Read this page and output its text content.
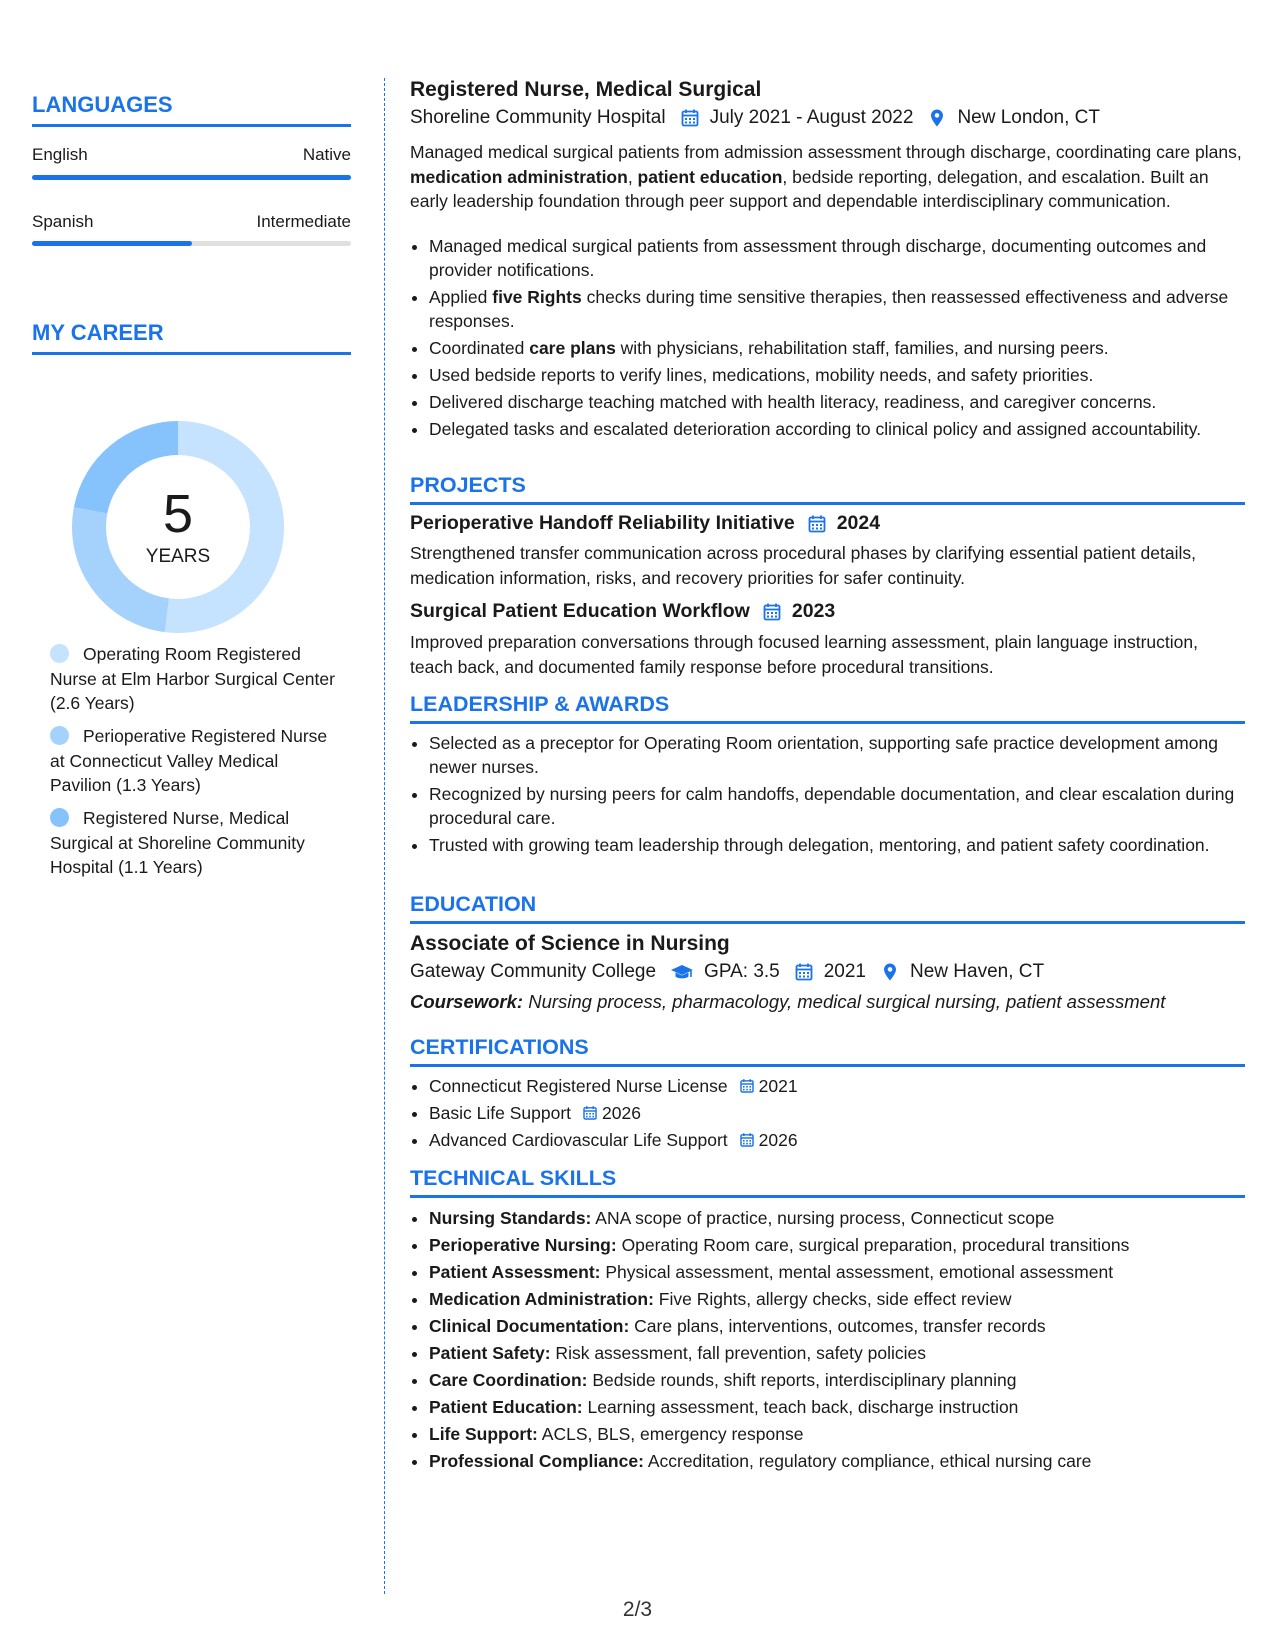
LANGUAGES
English	Native
Spanish	Intermediate
MY CAREER
5
YEARS
Operating Room Registered Nurse at Elm Harbor Surgical Center (2.6 Years)
Perioperative Registered Nurse at Connecticut Valley Medical Pavilion (1.3 Years)
Registered Nurse, Medical Surgical at Shoreline Community Hospital (1.1 Years)
Registered Nurse, Medical Surgical
Shoreline Community Hospital July 2021 - August 2022 New London, CT
Managed medical surgical patients from admission assessment through discharge, coordinating care plans, medication administration, patient education, bedside reporting, delegation, and escalation. Built an early leadership foundation through peer support and dependable interdisciplinary communication.
• Managed medical surgical patients from assessment through discharge, documenting outcomes and provider notifications.
• Applied five Rights checks during time sensitive therapies, then reassessed effectiveness and adverse responses.
• Coordinated care plans with physicians, rehabilitation staff, families, and nursing peers.
• Used bedside reports to verify lines, medications, mobility needs, and safety priorities.
• Delivered discharge teaching matched with health literacy, readiness, and caregiver concerns.
• Delegated tasks and escalated deterioration according to clinical policy and assigned accountability.
PROJECTS
Perioperative Handoff Reliability Initiative 2024
Strengthened transfer communication across procedural phases by clarifying essential patient details, medication information, risks, and recovery priorities for safer continuity.
Surgical Patient Education Workflow 2023
Improved preparation conversations through focused learning assessment, plain language instruction, teach back, and documented family response before procedural transitions.
LEADERSHIP & AWARDS
• Selected as a preceptor for Operating Room orientation, supporting safe practice development among newer nurses.
• Recognized by nursing peers for calm handoffs, dependable documentation, and clear escalation during procedural care.
• Trusted with growing team leadership through delegation, mentoring, and patient safety coordination.
EDUCATION
Associate of Science in Nursing
Gateway Community College	GPA: 3.5 2021 New Haven, CT
Coursework: Nursing process, pharmacology, medical surgical nursing, patient assessment
CERTIFICATIONS
• Connecticut Registered Nurse License 2021
• Basic Life Support 2026
• Advanced Cardiovascular Life Support 2026
TECHNICAL SKILLS
• Nursing Standards: ANA scope of practice, nursing process, Connecticut scope
• Perioperative Nursing: Operating Room care, surgical preparation, procedural transitions
• Patient Assessment: Physical assessment, mental assessment, emotional assessment
• Medication Administration: Five Rights, allergy checks, side effect review
• Clinical Documentation: Care plans, interventions, outcomes, transfer records
• Patient Safety: Risk assessment, fall prevention, safety policies
• Care Coordination: Bedside rounds, shift reports, interdisciplinary planning
• Patient Education: Learning assessment, teach back, discharge instruction
• Life Support: ACLS, BLS, emergency response
• Professional Compliance: Accreditation, regulatory compliance, ethical nursing care
2/3
